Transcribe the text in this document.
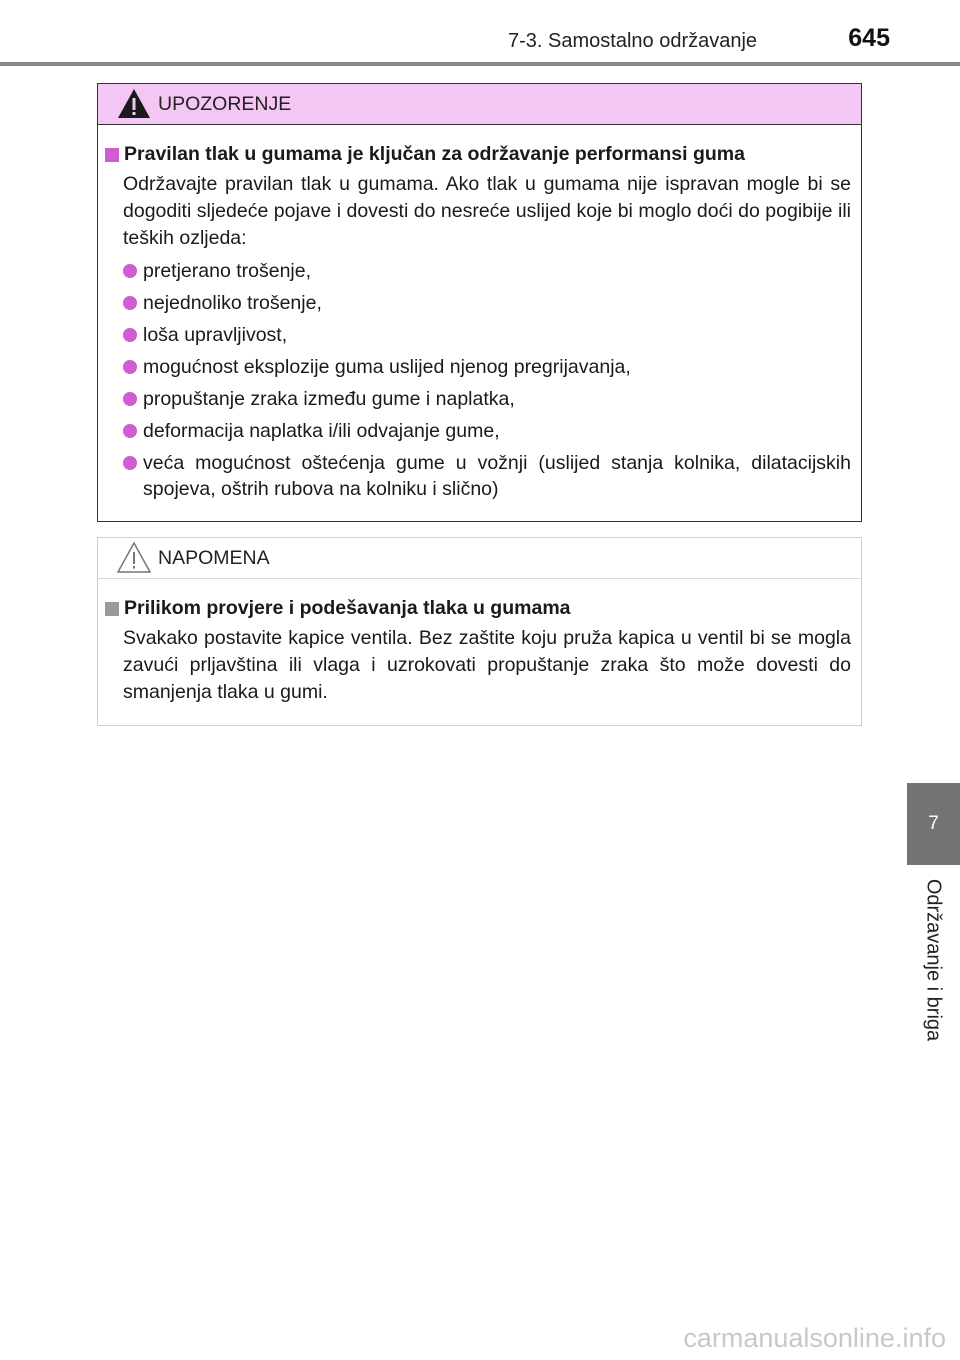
7-3. Samostalno održavanje	645
UPOZORENJE
Pravilan tlak u gumama je ključan za održavanje performansi guma
Održavajte pravilan tlak u gumama. Ako tlak u gumama nije ispravan mogle bi se dogoditi sljedeće pojave i dovesti do nesreće uslijed koje bi moglo doći do pogibije ili teških ozljeda:
pretjerano trošenje,
nejednoliko trošenje,
loša upravljivost,
mogućnost eksplozije guma uslijed njenog pregrijavanja,
propuštanje zraka između gume i naplatka,
deformacija naplatka i/ili odvajanje gume,
veća mogućnost oštećenja gume u vožnji (uslijed stanja kolnika, dilatacijskih spojeva, oštrih rubova na kolniku i slično)
NAPOMENA
Prilikom provjere i podešavanja tlaka u gumama
Svakako postavite kapice ventila. Bez zaštite koju pruža kapica u ventil bi se mogla zavući prljavština ili vlaga i uzrokovati propuštanje zraka što može dovesti do smanjenja tlaka u gumi.
7
Održavanje i briga
carmanualsonline.info
